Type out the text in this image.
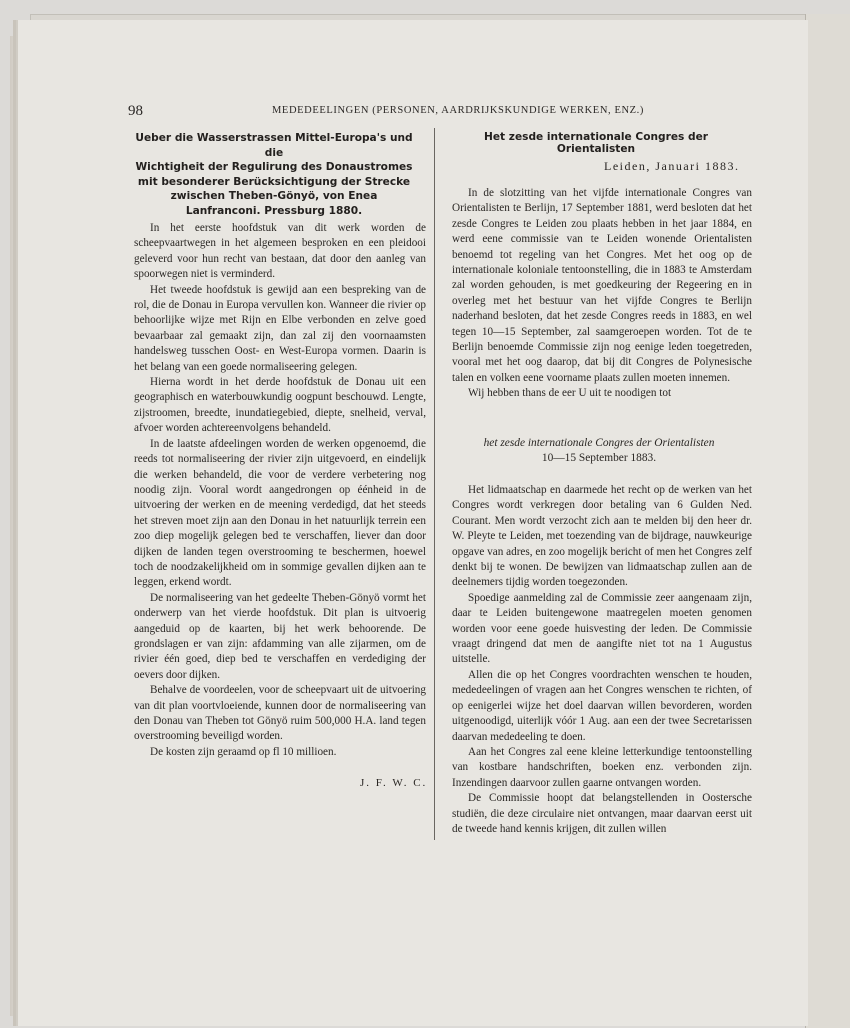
98	MEDEDEELINGEN (PERSONEN, AARDRIJKSKUNDIGE WERKEN, ENZ.)
Ueber die Wasserstrassen Mittel-Europa's und die
Wichtigheit der Regulirung des Donaustromes
mit besonderer Berücksichtigung der Strecke
zwischen Theben-Gönyö, von Enea
Lanfranconi. Pressburg 1880.

In het eerste hoofdstuk van dit werk worden de scheepvaartwegen in het algemeen besproken en een pleidooi geleverd voor hun recht van bestaan, dat door den aanleg van spoorwegen niet is verminderd.

Het tweede hoofdstuk is gewijd aan een bespreking van de rol, die de Donau in Europa vervullen kon. Wanneer die rivier op behoorlijke wijze met Rijn en Elbe verbonden en zelve goed bevaarbaar zal gemaakt zijn, dan zal zij den voornaamsten handelsweg tusschen Oost- en West-Europa vormen. Daarin is het belang van een goede normaliseering gelegen.

Hierna wordt in het derde hoofdstuk de Donau uit een geographisch en waterbouwkundig oogpunt beschouwd. Lengte, zijstroomen, breedte, inundatiegebied, diepte, snelheid, verval, afvoer worden achtereenvolgens behandeld.

In de laatste afdeelingen worden de werken opgenoemd, die reeds tot normaliseering der rivier zijn uitgevoerd, en eindelijk die werken behandeld, die voor de verdere verbetering nog noodig zijn. Vooral wordt aangedrongen op éénheid in de uitvoering der werken en de meening verdedigd, dat het steeds het streven moet zijn aan den Donau in het natuurlijk terrein een zoo diep mogelijk gelegen bed te verschaffen, liever dan door dijken de landen tegen overstrooming te beschermen, hoewel toch de noodzakelijkheid om in sommige gevallen dijken aan te leggen, erkend wordt.

De normaliseering van het gedeelte Theben-Gönyö vormt het onderwerp van het vierde hoofdstuk. Dit plan is uitvoerig aangeduid op de kaarten, bij het werk behoorende. De grondslagen er van zijn: afdamming van alle zijarmen, om de rivier één goed, diep bed te verschaffen en verdediging der oevers door dijken.

Behalve de voordeelen, voor de scheepvaart uit de uitvoering van dit plan voortvloeiende, kunnen door de normaliseering van den Donau van Theben tot Gönyö ruim 500,000 H.A. land tegen overstrooming beveiligd worden.

De kosten zijn geraamd op fl 10 millioen.

J. F. W. C.
Het zesde internationale Congres der Orientalisten
Leiden, Januari 1883.

In de slotzitting van het vijfde internationale Congres van Orientalisten te Berlijn, 17 September 1881, werd besloten dat het zesde Congres te Leiden zou plaats hebben in het jaar 1884, en werd eene commissie van te Leiden wonende Orientalisten benoemd tot regeling van het Congres. Met het oog op de internationale koloniale tentoonstelling, die in 1883 te Amsterdam zal worden gehouden, is met goedkeuring der Regeering en in overleg met het bestuur van het vijfde Congres te Berlijn naderhand besloten, dat het zesde Congres reeds in 1883, en wel tegen 10—15 September, zal saamgeroepen worden. Tot de te Berlijn benoemde Commissie zijn nog eenige leden toegetreden, vooral met het oog daarop, dat bij dit Congres de Polynesische talen en volken eene voorname plaats zullen moeten innemen.

Wij hebben thans de eer U uit te noodigen tot

het zesde internationale Congres der Orientalisten
10—15 September 1883.

Het lidmaatschap en daarmede het recht op de werken van het Congres wordt verkregen door betaling van 6 Gulden Ned. Courant. Men wordt verzocht zich aan te melden bij den heer dr. W. Pleyte te Leiden, met toezending van de bijdrage, nauwkeurige opgave van adres, en zoo mogelijk bericht of men het Congres zelf denkt bij te wonen. De bewijzen van lidmaatschap zullen aan de deelnemers tijdig worden toegezonden.

Spoedige aanmelding zal de Commissie zeer aangenaam zijn, daar te Leiden buitengewone maatregelen moeten genomen worden voor eene goede huisvesting der leden. De Commissie vraagt dringend dat men de aangifte niet tot na 1 Augustus uitstelle.

Allen die op het Congres voordrachten wenschen te houden, mededeelingen of vragen aan het Congres wenschen te richten, of op eenigerlei wijze het doel daarvan willen bevorderen, worden uitgenoodigd, uiterlijk vóór 1 Aug. aan een der twee Secretarissen daarvan mededeeling te doen.

Aan het Congres zal eene kleine letterkundige tentoonstelling van kostbare handschriften, boeken enz. verbonden zijn. Inzendingen daarvoor zullen gaarne ontvangen worden.

De Commissie hoopt dat belangstellenden in Oostersche studiën, die deze circulaire niet ontvangen, maar daarvan eerst uit de tweede hand kennis krijgen, dit zullen willen
